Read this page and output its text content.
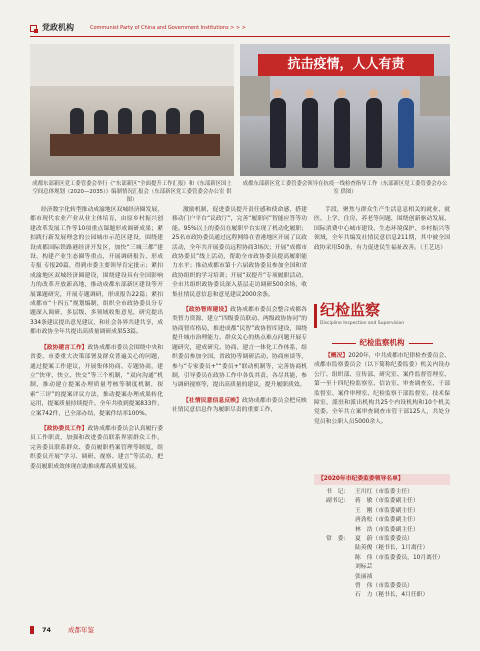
党政机构	Communist Party of China and Government Institutions > > >
抗击疫情，人人有责
成都东部新区党工委管委会举行《“东部新区”全面提升工作汇报》和《东部新区国土空间总体规划（2020—2035）》编制情况汇报会（东部新区党工委管委会办公室 供图）
成都东部新区党工委管委会领导在抗疫一线检查指导工作（东部新区党工委管委会办公室 供图）

经济数字化转型推动成渝地区双城经济圈发展，都市现代农业产业从业主体培育，由原乡村振兴创建改革发展工作等10项重点课题形成调研成果；紧扣践行新发展理念的公园城市示范区建设，围绕建设成都国际铁路港经济开发区，加快“三城三都”建设、构建产业生态圈等重点，开展调研报告、形成专报 专报20篇，得到市委主要领导肯定批示；紧扣成渝地区双城经济圈建设，围绕建设具有全国影响力的改革开放新高地，推动成都东部新区建设等开展课题研究，开展专题调研，形成报告22篇；紧扣成都市“十四五”规划编制，组织全市政协委员分专题深入调研，多层级、多领域收集意见，研究提出334条建议提出意见建议，和社会各界共建共享，成都市政协全年共提出高质量调研成果53篇。

【政协建言工作】政协成都市委员会围绕中央和省委、市委重大决策部署及群众普遍关心的问题，通过提案工作建议，开展集体协商、专题协商，建立“快审、快立、快交”等三个机制，“双向沟通”机制，推动建立提案办理质量考核等制度机制，探索“三评”的提案评议方法，推动提案办理成果转化运用，提案质量持续提升。全年共收到提案833件，立案742件，已全部办结，提案件结率100%。

【政协委员工作】政协成都市委员会认真履行委员工作职责，加强和改进委员联系界别群众工作，完善委员联系群众、委员履职档案管理等制度，组织委员开展“学习、调研、视察、建言”等活动，把委员履职成效体现在助推成都高质量发展。

激励机制，促进委员提升责任感和使命感，搭建移动门户平台“议政厅”，完善“履职问”智能应答等功能。95%以上的委员在履职平台实现了机动化履职；25名市政协委员通过远程网络在香港地区开展了议政活动，全年共开展委员远程协商3场次；开展“成都市政协委员”线上活动，帮助全市政协委员提高履职能力水平；推动成都市第十六届政协委员参加全国和省政协组织的学习培训；开展“双提升”专项履职活动，全市共组织政协委员深入基层走访调研500余场，收集社情民意信息和意见建议2000余条。

【政协智库建设】政协成都市委员会整合成都各类智力资源，建立“四级委员联动、两级政协协同”的协商智库格局，推进成都“民智”政协智库建设，围绕提升城市治理能力、群众关心的热点难点问题开展专题研究，建成研究、协商、建言一体化工作体系，组织委员参加全国、省政协等调研活动、协商座谈等，参与“专家委员+”“委员+”联动机制等，完善协商机制，引导委员在政协工作中各负其责、各尽其能，参与调研视察等，提出高质量的建议，提升履职质效。

【社情民意信息反映】政协成都市委员会把反映社情民意信息作为履职尽责的重要工作，

手段，聚焦与群众生产生活息息相关的就业、就医、上学、住房、养老等问题，围绕创新驱动发展、国际消费中心城市建设、生态环境保护、乡村振兴等领域，全年共编发社情民意信息211期，其中被全国政协采用50条，有力促进民生福祉改善。（王艺达）

纪检监察
Discipline Inspection and Supervision
纪检监察机构

【概况】2020年，中共成都市纪律检查委员会、成都市监察委员会（以下简称纪委监委）机关内设办公厅、组织部、宣传部、研究室、案件监督管理室、第一至十四纪检监察室、信访室、审查调查室、干部监督室、案件审理室、纪检监察干部监督室、技术保障室，派驻和派出机构共25个内设机构和10个机关党委。全年共立案审查调查市管干部125人，共处分党员和公职人员5000余人。

【2020年市纪委监委领导名单】
书　记： 王川红（市监委主任）
副书记： 蒋　敏（市监委副主任）
王　刚（市监委副主任）
唐劲松（市监委副主任）
林　浩（市监委副主任）
常　委： 夏　蔚（市监委委员）
陆英俊（秘书长，1月离任）
陈　伟（市监委委员，10月离任）
刘标芸
张丽祯
曾　伟（市监委委员）
石　力（秘书长，4月任职）
74	成都年鉴
